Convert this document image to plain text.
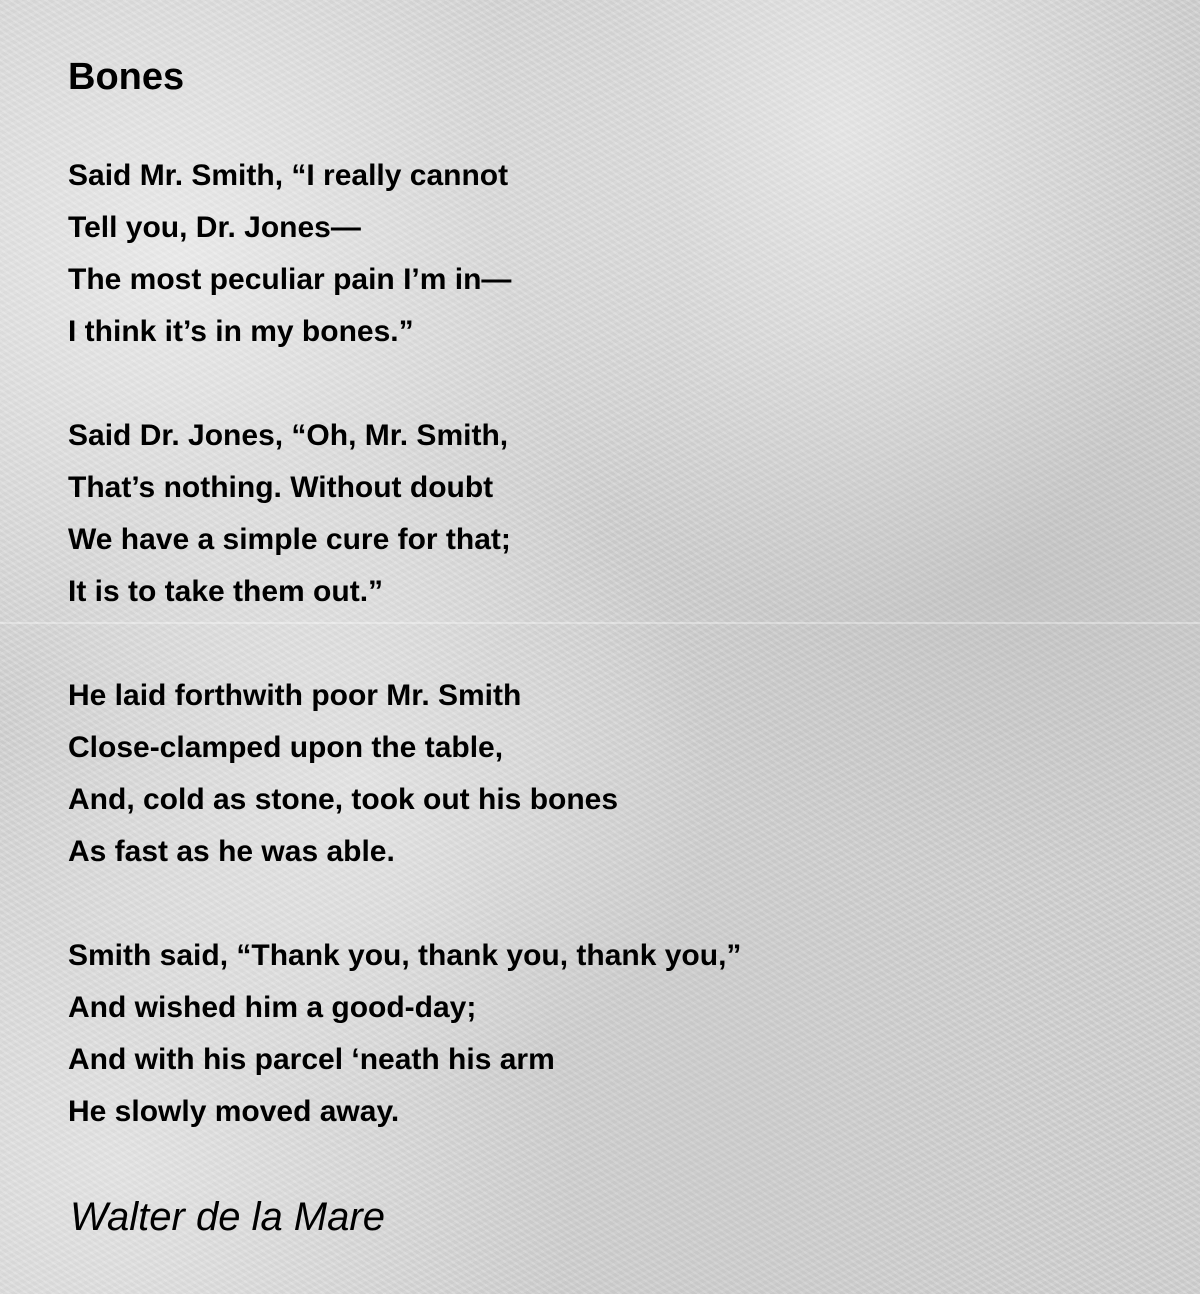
Bones
Said Mr. Smith, “I really cannot
Tell you, Dr. Jones—
The most peculiar pain I’m in—
I think it’s in my bones.”
Said Dr. Jones, “Oh, Mr. Smith,
That’s nothing. Without doubt
We have a simple cure for that;
It is to take them out.”
He laid forthwith poor Mr. Smith
Close-clamped upon the table,
And, cold as stone, took out his bones
As fast as he was able.
Smith said, “Thank you, thank you, thank you,”
And wished him a good-day;
And with his parcel ‘neath his arm
He slowly moved away.
Walter de la Mare
